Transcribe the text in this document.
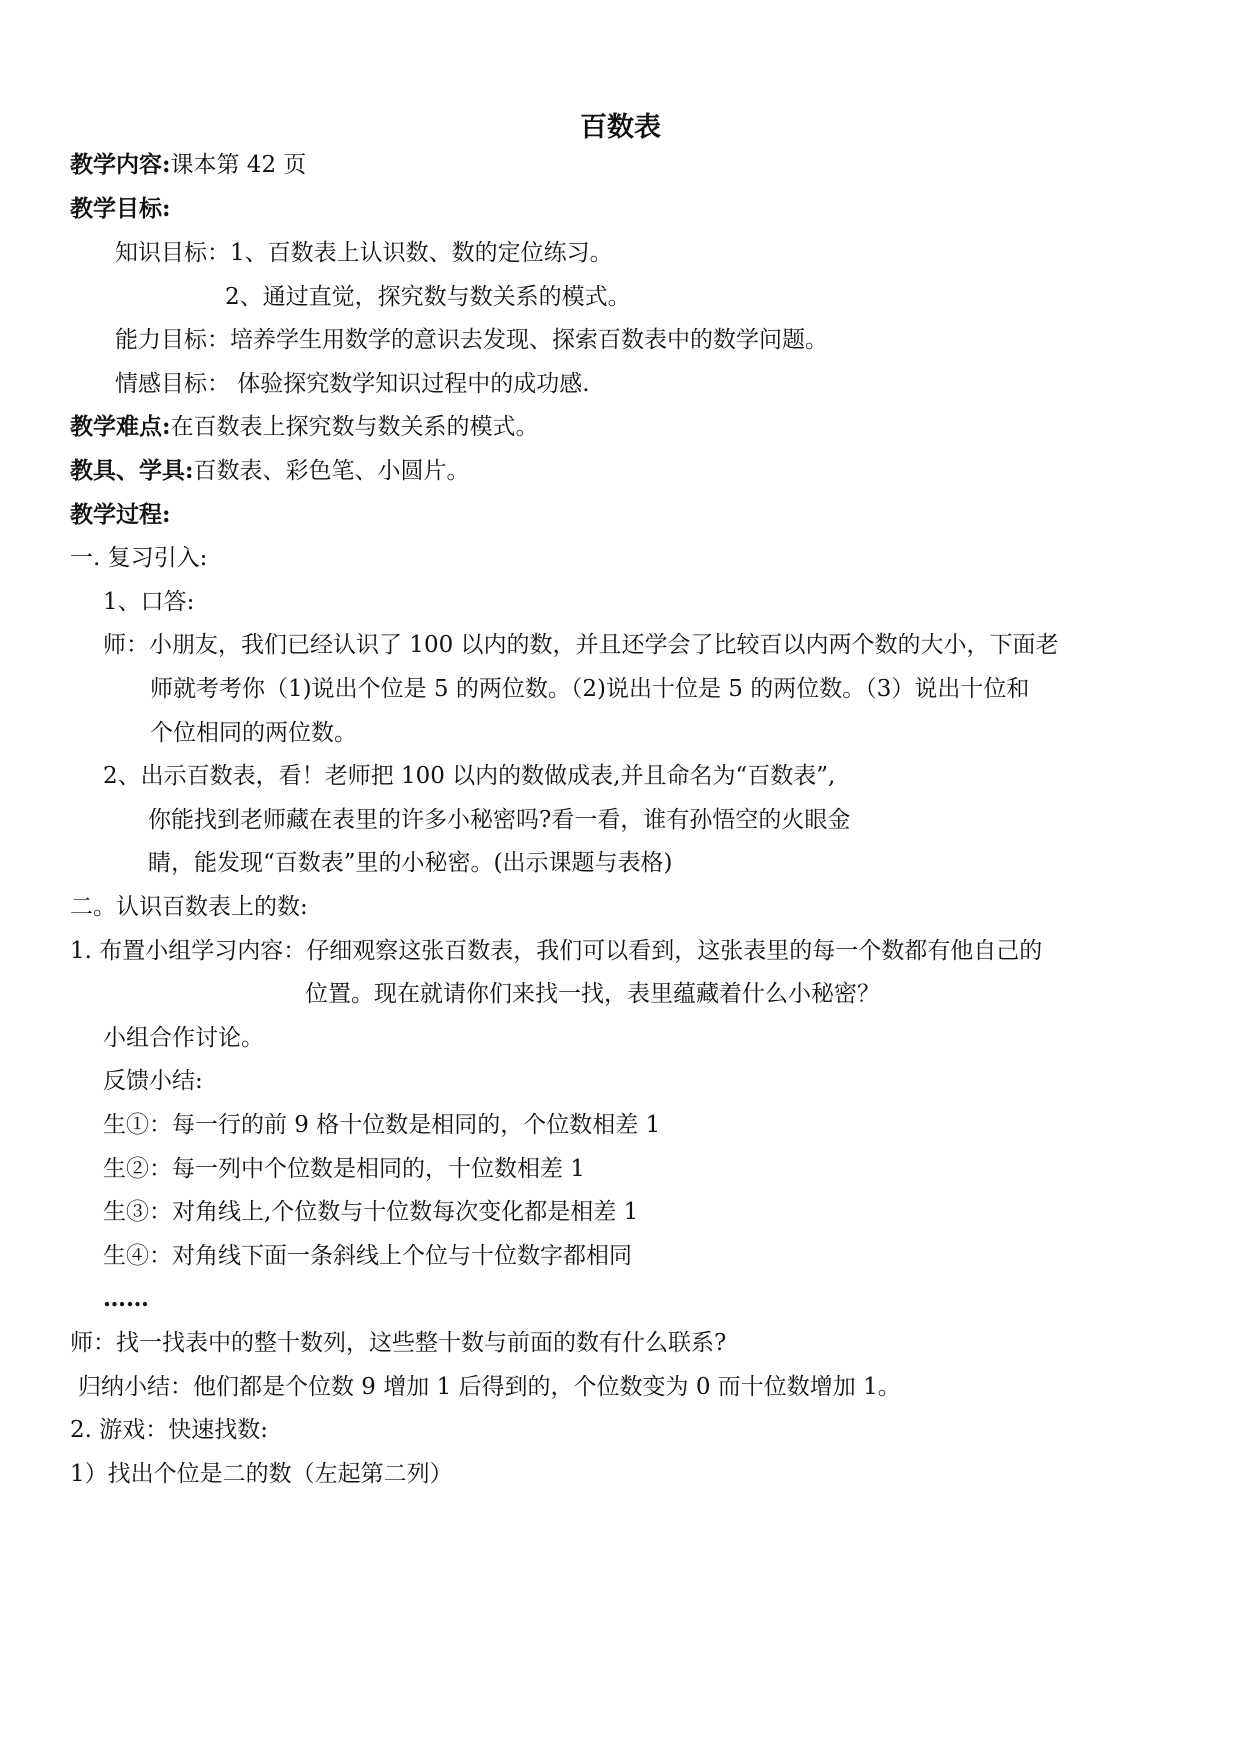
百数表
教学内容:课本第 42 页
教学目标:
知识目标：1、百数表上认识数、数的定位练习。
2、通过直觉，探究数与数关系的模式。
能力目标：培养学生用数学的意识去发现、探索百数表中的数学问题。
情感目标： 体验探究数学知识过程中的成功感.
教学难点:在百数表上探究数与数关系的模式。
教具、学具:百数表、彩色笔、小圆片。
教学过程:
一. 复习引入:
1、口答:
师：小朋友，我们已经认识了 100 以内的数，并且还学会了比较百以内两个数的大小，下面老
师就考考你（1)说出个位是 5 的两位数。（2)说出十位是 5 的两位数。（3）说出十位和
个位相同的两位数。
2、出示百数表，看！老师把 100 以内的数做成表,并且命名为“百数表”,
你能找到老师藏在表里的许多小秘密吗?看一看，谁有孙悟空的火眼金
睛，能发现“百数表”里的小秘密。(出示课题与表格)
二。认识百数表上的数:
1. 布置小组学习内容：仔细观察这张百数表，我们可以看到，这张表里的每一个数都有他自己的
位置。现在就请你们来找一找，表里蕴藏着什么小秘密？
小组合作讨论。
反馈小结:
生①：每一行的前 9 格十位数是相同的，个位数相差 1
生②：每一列中个位数是相同的，十位数相差 1
生③：对角线上,个位数与十位数每次变化都是相差 1
生④：对角线下面一条斜线上个位与十位数字都相同
……
师：找一找表中的整十数列，这些整十数与前面的数有什么联系?
归纳小结：他们都是个位数 9 增加 1 后得到的，个位数变为 0 而十位数增加 1。
2. 游戏：快速找数:
1）找出个位是二的数（左起第二列）
